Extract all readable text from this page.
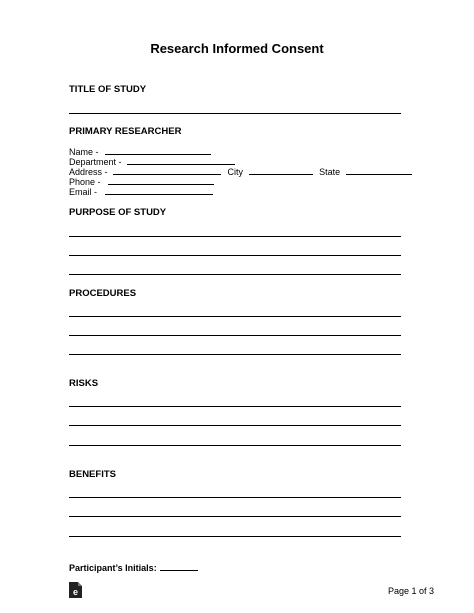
Research Informed Consent
TITLE OF STUDY
PRIMARY RESEARCHER
Name -
Department -
Address -	City	State
Phone -
Email -
PURPOSE OF STUDY
PROCEDURES
RISKS
BENEFITS
Participant’s Initials:
e	Page 1 of 3
